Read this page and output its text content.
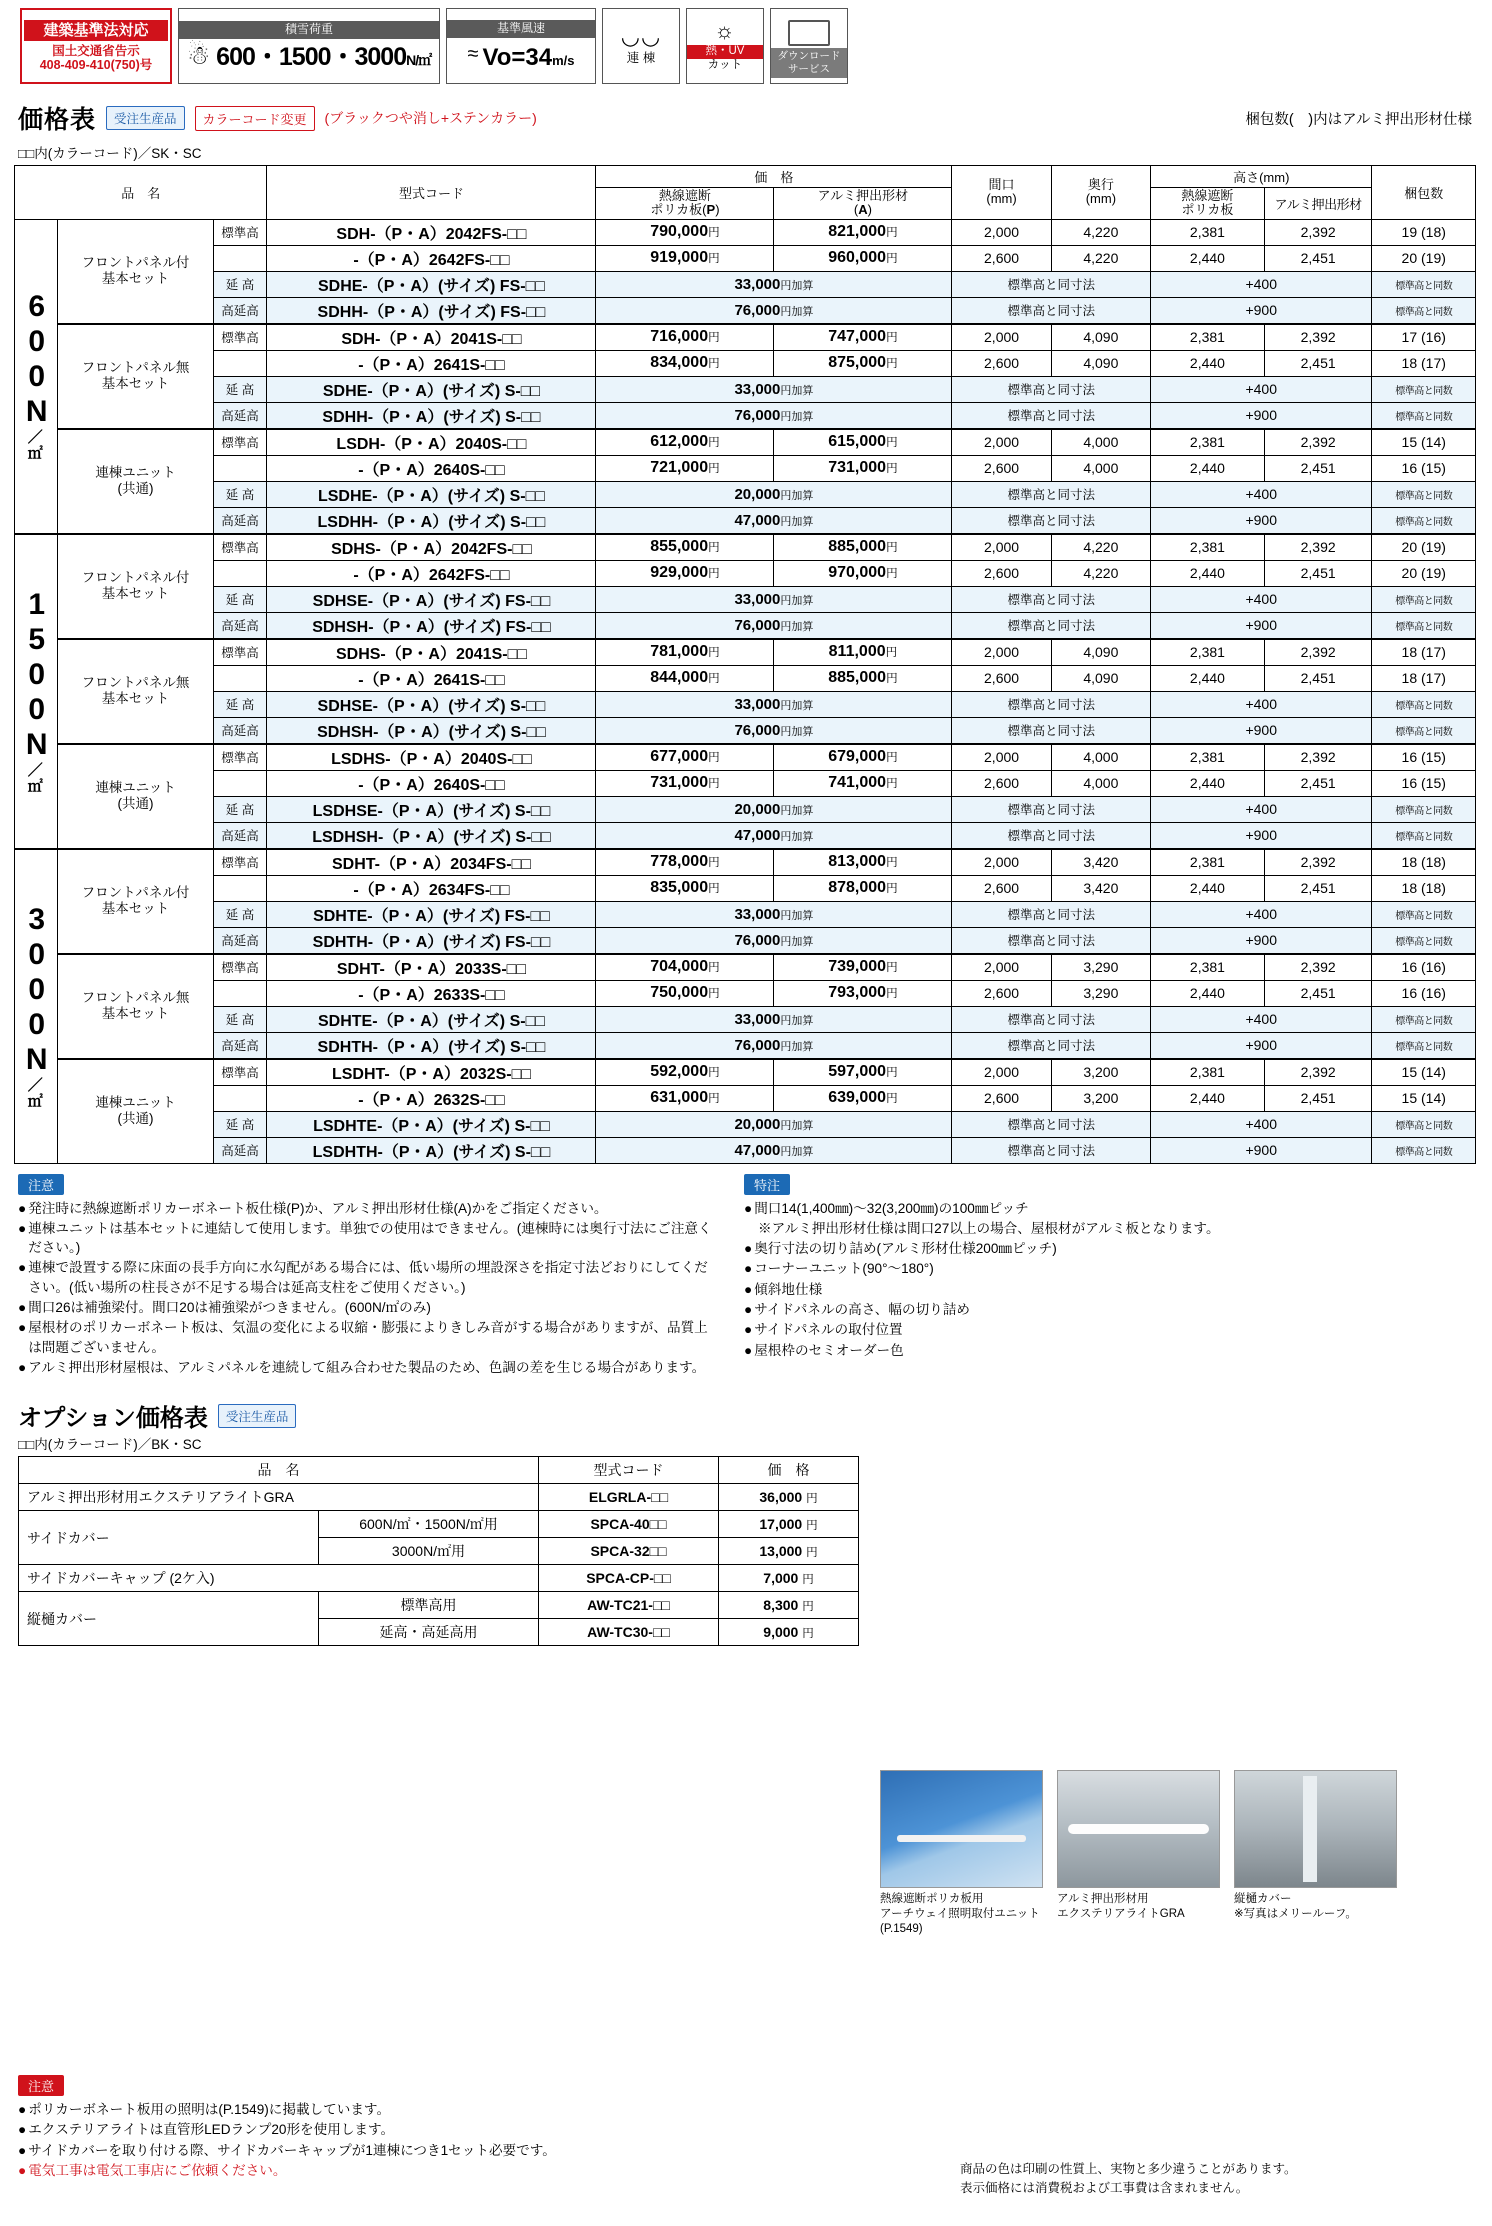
建築基準法対応
国土交通省告示
408-409-410(750)号
積雪荷重
☃ 600・1500・3000N/㎡
基準風速
≈ Vo=34m/s
◡◡
連 棟
☼
熱・UV
カット
ダウンロード
サービス
価格表	受注生産品	カラーコード変更	(ブラックつや消し+ステンカラー)	梱包数(　)内はアルミ押出形材仕様
□□内(カラーコード)／SK・SC
品　名			型式コード	価　格		間口
(mm)	奥行
(mm)	高さ(mm)		梱包数
				熱線遮断
ポリカ板(P)	アルミ押出形材
(A)			熱線遮断
ポリカ板	アルミ押出形材	

600N
／
㎡	フロントパネル付
基本セット	標準高	SDH-（P・A）2042FS-□□	790,000円	821,000円	2,000	4,220	2,381	2,392	19 (18)
			-（P・A）2642FS-□□	919,000円	960,000円	2,600	4,220	2,440	2,451	20 (19)
		延 高	SDHE-（P・A）(サイズ) FS-□□	33,000円加算		標準高と同寸法		+400		標準高と同数
		高延高	SDHH-（P・A）(サイズ) FS-□□	76,000円加算		標準高と同寸法		+900		標準高と同数
	フロントパネル無
基本セット	標準高	SDH-（P・A）2041S-□□	716,000円	747,000円	2,000	4,090	2,381	2,392	17 (16)
			-（P・A）2641S-□□	834,000円	875,000円	2,600	4,090	2,440	2,451	18 (17)
		延 高	SDHE-（P・A）(サイズ) S-□□	33,000円加算		標準高と同寸法		+400		標準高と同数
		高延高	SDHH-（P・A）(サイズ) S-□□	76,000円加算		標準高と同寸法		+900		標準高と同数
	連棟ユニット
(共通)	標準高	LSDH-（P・A）2040S-□□	612,000円	615,000円	2,000	4,000	2,381	2,392	15 (14)
			-（P・A）2640S-□□	721,000円	731,000円	2,600	4,000	2,440	2,451	16 (15)
		延 高	LSDHE-（P・A）(サイズ) S-□□	20,000円加算		標準高と同寸法		+400		標準高と同数
		高延高	LSDHH-（P・A）(サイズ) S-□□	47,000円加算		標準高と同寸法		+900		標準高と同数

1500N
／
㎡	フロントパネル付
基本セット	標準高	SDHS-（P・A）2042FS-□□	855,000円	885,000円	2,000	4,220	2,381	2,392	20 (19)
			-（P・A）2642FS-□□	929,000円	970,000円	2,600	4,220	2,440	2,451	20 (19)
		延 高	SDHSE-（P・A）(サイズ) FS-□□	33,000円加算		標準高と同寸法		+400		標準高と同数
		高延高	SDHSH-（P・A）(サイズ) FS-□□	76,000円加算		標準高と同寸法		+900		標準高と同数
	フロントパネル無
基本セット	標準高	SDHS-（P・A）2041S-□□	781,000円	811,000円	2,000	4,090	2,381	2,392	18 (17)
			-（P・A）2641S-□□	844,000円	885,000円	2,600	4,090	2,440	2,451	18 (17)
		延 高	SDHSE-（P・A）(サイズ) S-□□	33,000円加算		標準高と同寸法		+400		標準高と同数
		高延高	SDHSH-（P・A）(サイズ) S-□□	76,000円加算		標準高と同寸法		+900		標準高と同数
	連棟ユニット
(共通)	標準高	LSDHS-（P・A）2040S-□□	677,000円	679,000円	2,000	4,000	2,381	2,392	16 (15)
			-（P・A）2640S-□□	731,000円	741,000円	2,600	4,000	2,440	2,451	16 (15)
		延 高	LSDHSE-（P・A）(サイズ) S-□□	20,000円加算		標準高と同寸法		+400		標準高と同数
		高延高	LSDHSH-（P・A）(サイズ) S-□□	47,000円加算		標準高と同寸法		+900		標準高と同数

3000N
／
㎡	フロントパネル付
基本セット	標準高	SDHT-（P・A）2034FS-□□	778,000円	813,000円	2,000	3,420	2,381	2,392	18 (18)
			-（P・A）2634FS-□□	835,000円	878,000円	2,600	3,420	2,440	2,451	18 (18)
		延 高	SDHTE-（P・A）(サイズ) FS-□□	33,000円加算		標準高と同寸法		+400		標準高と同数
		高延高	SDHTH-（P・A）(サイズ) FS-□□	76,000円加算		標準高と同寸法		+900		標準高と同数
	フロントパネル無
基本セット	標準高	SDHT-（P・A）2033S-□□	704,000円	739,000円	2,000	3,290	2,381	2,392	16 (16)
			-（P・A）2633S-□□	750,000円	793,000円	2,600	3,290	2,440	2,451	16 (16)
		延 高	SDHTE-（P・A）(サイズ) S-□□	33,000円加算		標準高と同寸法		+400		標準高と同数
		高延高	SDHTH-（P・A）(サイズ) S-□□	76,000円加算		標準高と同寸法		+900		標準高と同数
	連棟ユニット
(共通)	標準高	LSDHT-（P・A）2032S-□□	592,000円	597,000円	2,000	3,200	2,381	2,392	15 (14)
			-（P・A）2632S-□□	631,000円	639,000円	2,600	3,200	2,440	2,451	15 (14)
		延 高	LSDHTE-（P・A）(サイズ) S-□□	20,000円加算		標準高と同寸法		+400		標準高と同数
		高延高	LSDHTH-（P・A）(サイズ) S-□□	47,000円加算		標準高と同寸法		+900		標準高と同数
注意
● 発注時に熱線遮断ポリカーボネート板仕様(P)か、アルミ押出形材仕様(A)かをご指定ください。
● 連棟ユニットは基本セットに連結して使用します。単独での使用はできません。(連棟時には奥行寸法にご注意ください。)
● 連棟で設置する際に床面の長手方向に水勾配がある場合には、低い場所の埋設深さを指定寸法どおりにしてください。(低い場所の柱長さが不足する場合は延高支柱をご使用ください。)
● 間口26は補強梁付。間口20は補強梁がつきません。(600N/㎡のみ)
● 屋根材のポリカーボネート板は、気温の変化による収縮・膨張によりきしみ音がする場合がありますが、品質上は問題ございません。
● アルミ押出形材屋根は、アルミパネルを連続して組み合わせた製品のため、色調の差を生じる場合があります。
特注
● 間口14(1,400㎜)～32(3,200㎜)の100㎜ピッチ
※アルミ押出形材仕様は間口27以上の場合、屋根材がアルミ板となります。
● 奥行寸法の切り詰め(アルミ形材仕様200㎜ピッチ)
● コーナーユニット(90°～180°)
● 傾斜地仕様
● サイドパネルの高さ、幅の切り詰め
● サイドパネルの取付位置
● 屋根枠のセミオーダー色
オプション価格表	受注生産品
□□内(カラーコード)／BK・SC
品　名		型式コード	価　格
アルミ押出形材用エクステリアライトGRA		ELGRLA-□□	36,000 円
サイドカバー	600N/㎡・1500N/㎡用	SPCA-40□□	17,000 円
	3000N/㎡用	SPCA-32□□	13,000 円
サイドカバーキャップ (2ケ入)		SPCA-CP-□□	7,000 円
縦樋カバー	標準高用	AW-TC21-□□	8,300 円
	延高・高延高用	AW-TC30-□□	9,000 円
熱線遮断ポリカ板用
アーチウェイ照明取付ユニット
(P.1549)
アルミ押出形材用
エクステリアライトGRA
縦樋カバー
※写真はメリールーフ。
注意
● ポリカーボネート板用の照明は(P.1549)に掲載しています。
● エクステリアライトは直管形LEDランプ20形を使用します。
● サイドカバーを取り付ける際、サイドカバーキャップが1連棟につき1セット必要です。
● 電気工事は電気工事店にご依頼ください。	商品の色は印刷の性質上、実物と多少違うことがあります。
表示価格には消費税および工事費は含まれません。
